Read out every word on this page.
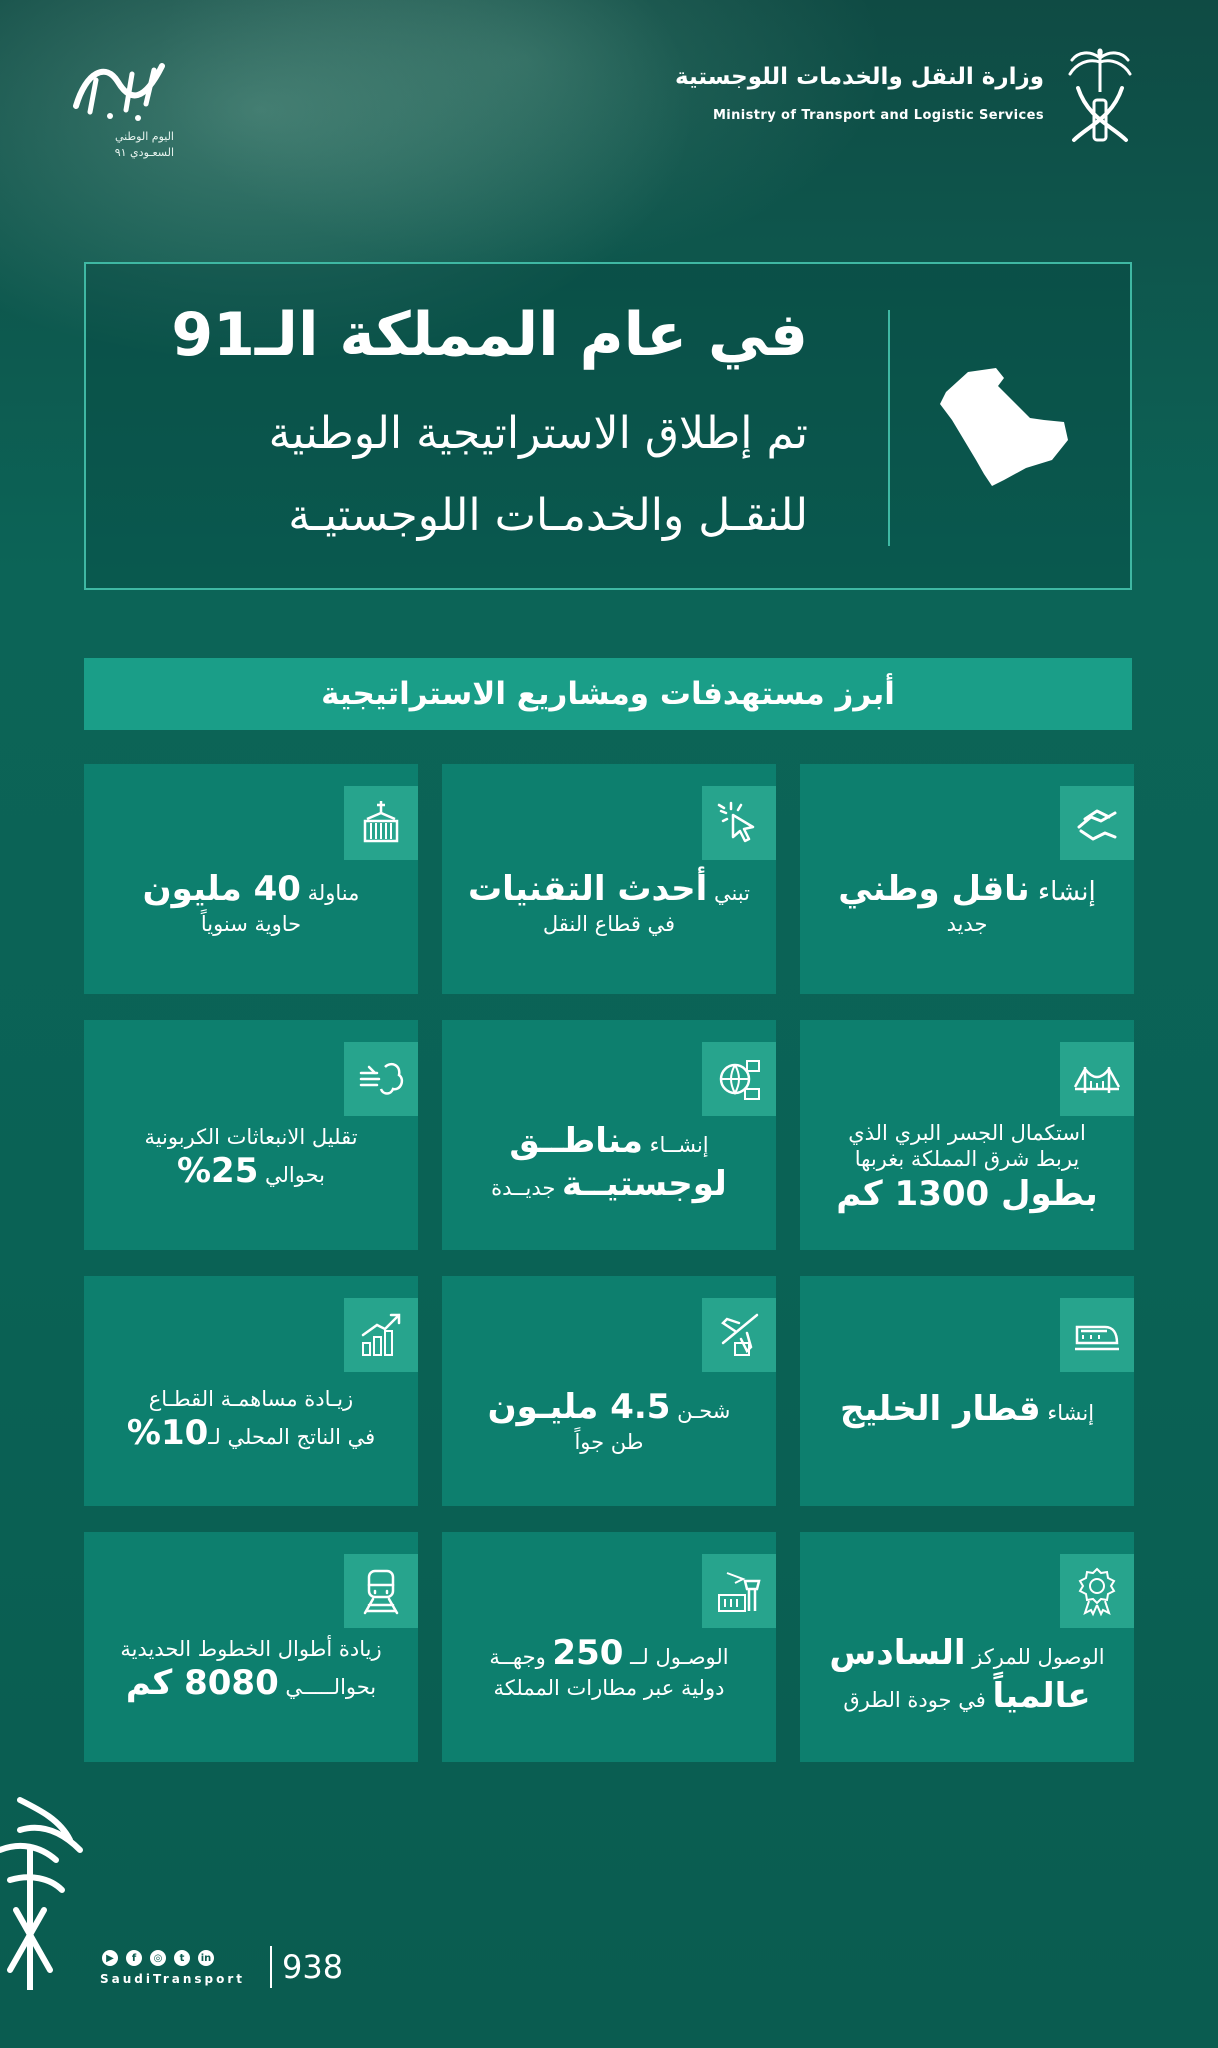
اليوم الوطني
السعـودي ٩١
وزارة النقل والخدمات اللوجستية
Ministry of Transport and Logistic Services
في عام المملكة الـ91
تم إطلاق الاستراتيجية الوطنية
للنقـل والخدمـات اللوجستيـة
أبرز مستهدفات ومشاريع الاستراتيجية
إنشاء ناقل وطني
جديد
تبني أحدث التقنيات
في قطاع النقل
مناولة 40 مليون
حاوية سنوياً
استكمال الجسر البري الذي
يربط شرق المملكة بغربها
بطول 1300 كم
إنشــاء مناطــق
لوجستيــة جديــدة
تقليل الانبعاثات الكربونية
بحوالي 25%
إنشاء قطار الخليج
شحـن 4.5 مليـون
طن جواً
زيـادة مساهمـة القطـاع
في الناتج المحلي لـ10%
الوصول للمركز السادس
عالمياً في جودة الطرق
الوصـول لــ 250 وجهــة
دولية عبر مطارات المملكة
زيادة أطوال الخطوط الحديدية
بحوالـــــي 8080 كم
▶	f	◎	t	in
SaudiTransport 938
